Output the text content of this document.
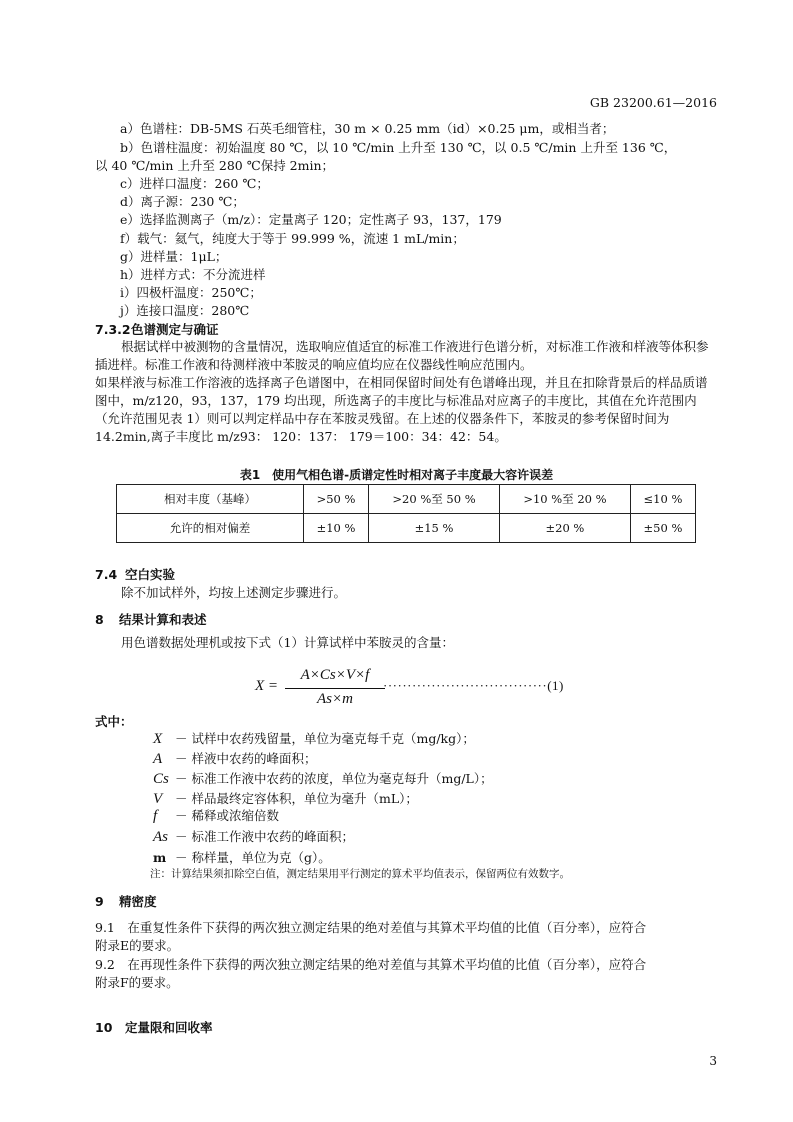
GB 23200.61—2016
a）色谱柱：DB-5MS 石英毛细管柱，30 m × 0.25 mm（id）×0.25 μm，或相当者；
b）色谱柱温度：初始温度 80 ℃，以 10 ℃/min 上升至 130 ℃，以 0.5 ℃/min 上升至 136 ℃，
以 40 ℃/min 上升至 280 ℃保持 2min；
c）进样口温度：260 ℃；
d）离子源：230 ℃；
e）选择监测离子（m/z）：定量离子 120；定性离子 93，137，179
f）载气：氦气，纯度大于等于 99.999 %，流速 1 mL/min；
g）进样量：1μL；
h）进样方式：不分流进样
i）四极杆温度：250℃；
j）连接口温度：280℃
7.3.2色谱测定与确证
根据试样中被测物的含量情况，选取响应值适宜的标准工作液进行色谱分析，对标准工作液和样液等体积参插进样。标准工作液和待测样液中苯胺灵的响应值均应在仪器线性响应范围内。
如果样液与标准工作溶液的选择离子色谱图中，在相同保留时间处有色谱峰出现，并且在扣除背景后的样品质谱图中，m/z120，93，137，179 均出现，所选离子的丰度比与标准品对应离子的丰度比，其值在允许范围内（允许范围见表 1）则可以判定样品中存在苯胺灵残留。在上述的仪器条件下，苯胺灵的参考保留时间为 14.2min,离子丰度比 m/z93： 120：137： 179＝100：34：42：54。
表1　使用气相色谱-质谱定性时相对离子丰度最大容许误差
相对丰度（基峰）	>50 %	>20 %至 50 %	>10 %至 20 %	≤10 %
允许的相对偏差	±10 %	±15 %	±20 %	±50 %
7.4 空白实验
除不加试样外，均按上述测定步骤进行。
8 结果计算和表述
用色谱数据处理机或按下式（1）计算试样中苯胺灵的含量：
X =
A×Cs×V×f
As×m
··································(1)
式中：
X － 试样中农药残留量，单位为毫克每千克（mg/kg）；
A － 样液中农药的峰面积；
Cs － 标准工作液中农药的浓度，单位为毫克每升（mg/L）；
V － 样品最终定容体积，单位为毫升（mL）；
f － 稀释或浓缩倍数
As － 标准工作液中农药的峰面积；
m － 称样量，单位为克（g）。
注：计算结果须扣除空白值，测定结果用平行测定的算术平均值表示，保留两位有效数字。
9 精密度
9.1　在重复性条件下获得的两次独立测定结果的绝对差值与其算术平均值的比值（百分率），应符合
附录E的要求。
9.2　在再现性条件下获得的两次独立测定结果的绝对差值与其算术平均值的比值（百分率），应符合
附录F的要求。
10 定量限和回收率
3
